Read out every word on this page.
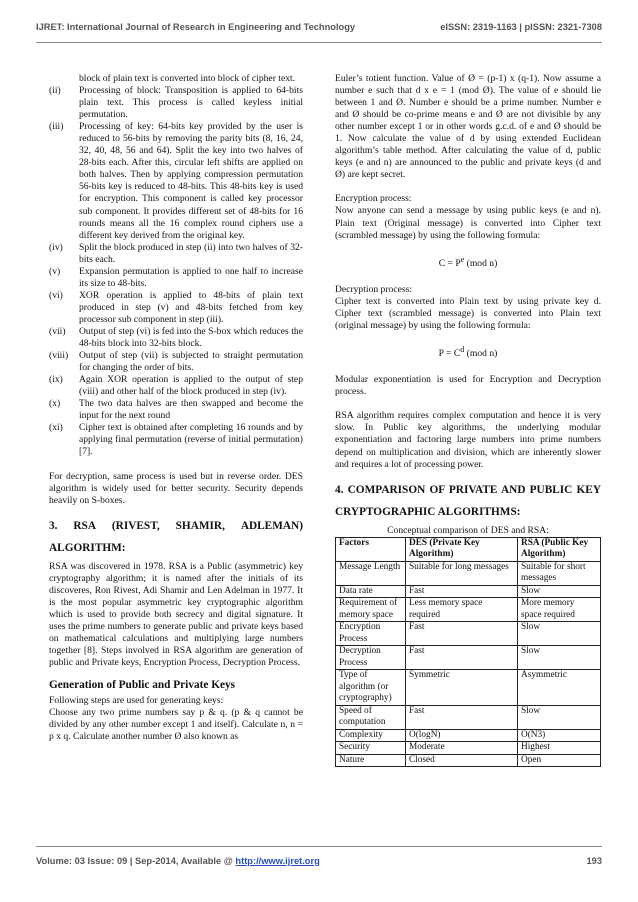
IJRET: International Journal of Research in Engineering and Technology	eISSN: 2319-1163 | pISSN: 2321-7308

block of plain text is converted into block of cipher text.

(ii)	Processing of block: Transposition is applied to 64-bits plain text. This process is called keyless initial permutation.
(iii)	Processing of key: 64-bits key provided by the user is reduced to 56-bits by removing the parity bits (8, 16, 24, 32, 40, 48, 56 and 64). Split the key into two halves of 28-bits each. After this, circular left shifts are applied on both halves. Then by applying compression permutation 56-bits key is reduced to 48-bits. This 48-bits key is used for encryption. This component is called key processor sub component. It provides different set of 48-bits for 16 rounds means all the 16 complex round ciphers use a different key derived from the original key.
(iv)	Split the block produced in step (ii) into two halves of 32-bits each.
(v)	Expansion permutation is applied to one half to increase its size to 48-bits.
(vi)	XOR operation is applied to 48-bits of plain text produced in step (v) and 48-bits fetched from key processor sub component in step (iii).
(vii)	Output of step (vi) is fed into the S-box which reduces the 48-bits block into 32-bits block.
(viii)	Output of step (vii) is subjected to straight permutation for changing the order of bits.
(ix)	Again XOR operation is applied to the output of step (viii) and other half of the block produced in step (iv).
(x)	The two data halves are then swapped and become the input for the next round
(xi)	Cipher text is obtained after completing 16 rounds and by applying final permutation (reverse of initial permutation) [7].

For decryption, same process is used but in reverse order. DES algorithm is widely used for better security. Security depends heavily on S-boxes.

3. RSA (RIVEST, SHAMIR, ADLEMAN)
ALGORITHM:

RSA was discovered in 1978. RSA is a Public (asymmetric) key cryptography algorithm; it is named after the initials of its discoveres, Ron Rivest, Adi Shamir and Len Adelman in 1977. It is the most popular asymmetric key cryptographic algorithm which is used to provide both secrecy and digital signature. It uses the prime numbers to generate public and private keys based on mathematical calculations and multiplying large numbers together [8]. Steps involved in RSA algorithm are generation of public and Private keys, Encryption Process, Decryption Process.

Generation of Public and Private Keys

Following steps are used for generating keys:

Choose any two prime numbers say p & q. (p & q cannot be divided by any other number except 1 and itself). Calculate n, n = p x q. Calculate another number Ø also known as

Euler’s totient function. Value of Ø = (p-1) x (q-1). Now assume a number e such that d x e = 1 (mod Ø). The value of e should lie between 1 and Ø. Number e should be a prime number. Number e and Ø should be co-prime means e and Ø are not divisible by any other number except 1 or in other words g.c.d. of e and Ø should be 1. Now calculate the value of d by using extended Euclidean algorithm’s table method. After calculating the value of d, public keys (e and n) are announced to the public and private keys (d and Ø) are kept secret.

Encryption process:

Now anyone can send a message by using public keys (e and n). Plain text (Original message) is converted into Cipher text (scrambled message) by using the following formula:

$C = P^e$ (mod n)

Decryption process:

Cipher text is converted into Plain text by using private key d. Cipher text (scrambled message) is converted into Plain text (original message) by using the following formula:

$P = C^d$ (mod n)

Modular exponentiation is used for Encryption and Decryption process.

RSA algorithm requires complex computation and hence it is very slow. In Public key algorithms, the underlying modular exponentiation and factoring large numbers into prime numbers depend on multiplication and division, which are inherently slower and requires a lot of processing power.

4. COMPARISON OF PRIVATE AND PUBLIC KEY CRYPTOGRAPHIC ALGORITHMS:
Conceptual comparison of DES and RSA:
Factors	DES (Private Key Algorithm)	RSA (Public Key Algorithm)
Message Length	Suitable for long messages	Suitable for short messages
Data rate	Fast	Slow
Requirement of memory space	Less memory space required	More memory space required
Encryption Process	Fast	Slow
Decryption Process	Fast	Slow
Type of algorithm (or cryptography)	Symmetric	Asymmetric
Speed of computation	Fast	Slow
Complexity	O(logN)	O(N3)
Security	Moderate	Highest
Nature	Closed	Open
Volume: 03 Issue: 09 | Sep-2014, Available @ http://www.ijret.org	193
